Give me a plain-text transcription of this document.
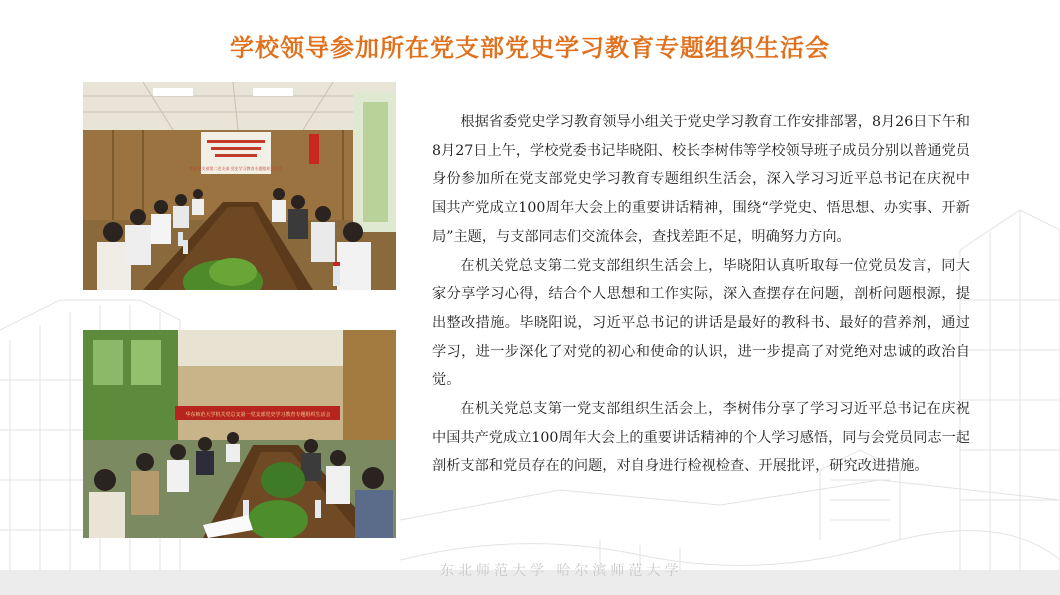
学校领导参加所在党支部党史学习教育专题组织生活会
所在党支部第二党支部 党史学习教育专题组织生活会
华东师范大学机关党总支第一党支部党史学习教育专题组织生活会

根据省委党史学习教育领导小组关于党史学习教育工作安排部署，8月26日下午和8月27日上午，学校党委书记毕晓阳、校长李树伟等学校领导班子成员分别以普通党员身份参加所在党支部党史学习教育专题组织生活会，深入学习习近平总书记在庆祝中国共产党成立100周年大会上的重要讲话精神，围绕“学党史、悟思想、办实事、开新局”主题，与支部同志们交流体会，查找差距不足，明确努力方向。

在机关党总支第二党支部组织生活会上，毕晓阳认真听取每一位党员发言，同大家分享学习心得，结合个人思想和工作实际，深入查摆存在问题，剖析问题根源，提出整改措施。毕晓阳说，习近平总书记的讲话是最好的教科书、最好的营养剂，通过学习，进一步深化了对党的初心和使命的认识，进一步提高了对党绝对忠诚的政治自觉。

在机关党总支第一党支部组织生活会上，李树伟分享了学习习近平总书记在庆祝中国共产党成立100周年大会上的重要讲话精神的个人学习感悟，同与会党员同志一起剖析支部和党员存在的问题，对自身进行检视检查、开展批评，研究改进措施。

东北师范大学 哈尔滨师范大学
